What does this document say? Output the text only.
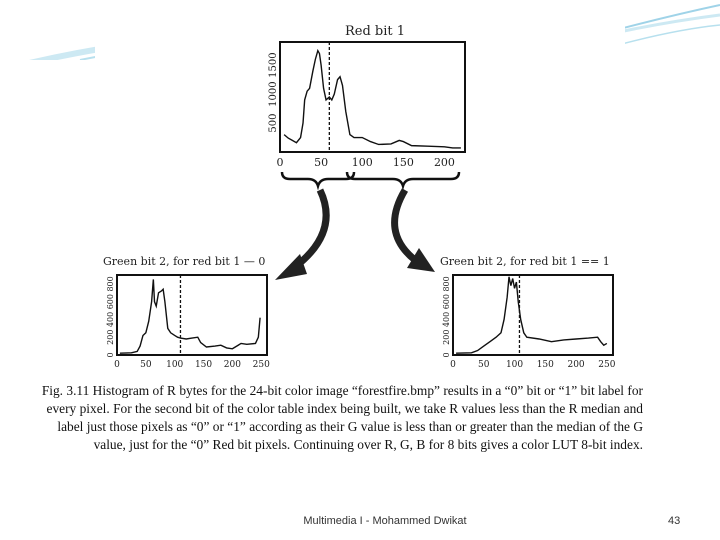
0	50 100 150 200
500
1000
1500
0 50 100 150 200 250
0
200
400
600
800
0 50 100 150 200 250
0
200
400
600
800
Red bit 1
Green bit 2, for red bit 1 — 0	Green bit 2, for red bit 1 == 1
Fig. 3.11 Histogram of R bytes for the 24-bit color image “forestfire.bmp” results in a “0” bit or “1” bit label for every pixel. For the second bit of the color table index being built, we take R values less than the R median and label just those pixels as “0” or “1” according as their G value is less than or greater than the median of the G value, just for the “0” Red bit pixels. Continuing over R, G, B for 8 bits gives a color LUT 8-bit index.
Multimedia I - Mohammed Dwikat	43
